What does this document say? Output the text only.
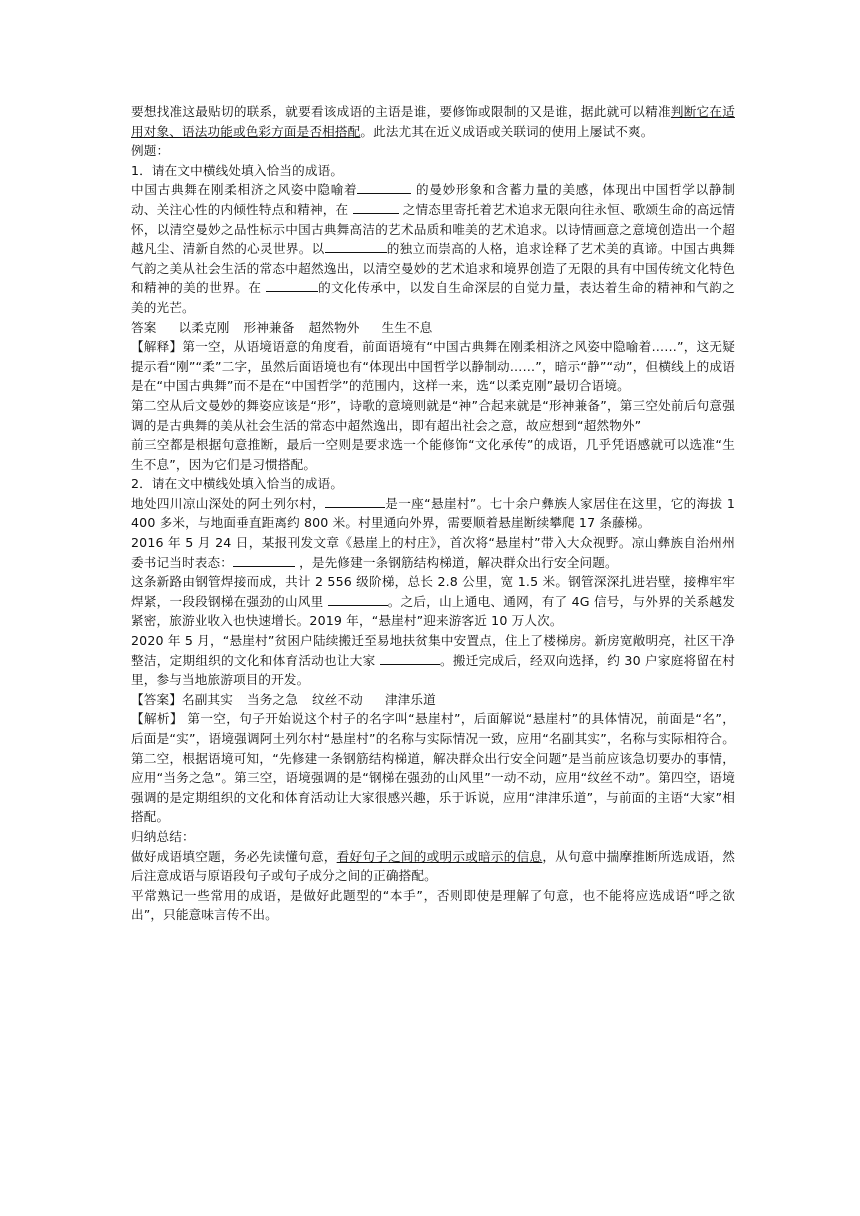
要想找准这最贴切的联系，就要看该成语的主语是谁，要修饰或限制的又是谁，据此就可以精准判断它在适用对象、语法功能或色彩方面是否相搭配。此法尤其在近义成语或关联词的使用上屡试不爽。

例题：

1．请在文中横线处填入恰当的成语。

中国古典舞在刚柔相济之风姿中隐喻着	的曼妙形象和含蓄力量的美感，体现出中国哲学以静制动、关注心性的内倾性特点和精神，在	之情态里寄托着艺术追求无限向往永恒、歌颂生命的高远情怀，以清空曼妙之品性标示中国古典舞高洁的艺术品质和唯美的艺术追求。以诗情画意之意境创造出一个超越凡尘、清新自然的心灵世界。以	的独立而崇高的人格，追求诠释了艺术美的真谛。中国古典舞气韵之美从社会生活的常态中超然逸出，以清空曼妙的艺术追求和境界创造了无限的具有中国传统文化特色和精神的美的世界。在	的文化传承中，以发自生命深层的自觉力量，表达着生命的精神和气韵之美的光芒。

答案 以柔克刚 形神兼备 超然物外 生生不息

【解释】第一空，从语境语意的角度看，前面语境有“中国古典舞在刚柔相济之风姿中隐喻着……”，这无疑提示看“刚”“柔”二字，虽然后面语境也有“体现出中国哲学以静制动……”，暗示“静”“动”，但横线上的成语是在“中国古典舞”而不是在“中国哲学”的范围内，这样一来，选“以柔克刚”最切合语境。

第二空从后文曼妙的舞姿应该是“形”，诗歌的意境则就是“神”合起来就是“形神兼备”，第三空处前后句意强调的是古典舞的美从社会生活的常态中超然逸出，即有超出社会之意，故应想到“超然物外”

前三空都是根据句意推断，最后一空则是要求选一个能修饰“文化承传”的成语，几乎凭语感就可以选准“生生不息”，因为它们是习惯搭配。

2．请在文中横线处填入恰当的成语。

地处四川凉山深处的阿土列尔村，	是一座“悬崖村”。七十余户彝族人家居住在这里，它的海拔 1 400 多米，与地面垂直距离约 800 米。村里通向外界，需要顺着悬崖断续攀爬 17 条藤梯。

2016 年 5 月 24 日，某报刊发文章《悬崖上的村庄》，首次将“悬崖村”带入大众视野。凉山彝族自治州州委书记当时表态：	，是先修建一条钢筋结构梯道，解决群众出行安全问题。

这条新路由钢管焊接而成，共计 2 556 级阶梯，总长 2.8 公里，宽 1.5 米。钢管深深扎进岩壁，接榫牢牢焊紧，一段段钢梯在强劲的山风里	。之后，山上通电、通网，有了 4G 信号，与外界的关系越发紧密，旅游业收入也快速增长。2019 年，“悬崖村”迎来游客近 10 万人次。

2020 年 5 月，“悬崖村”贫困户陆续搬迁至易地扶贫集中安置点，住上了楼梯房。新房宽敞明亮，社区干净整洁，定期组织的文化和体育活动也让大家	。搬迁完成后，经双向选择，约 30 户家庭将留在村里，参与当地旅游项目的开发。

【答案】名副其实 当务之急 纹丝不动 津津乐道

【解析】 第一空，句子开始说这个村子的名字叫“悬崖村”，后面解说“悬崖村”的具体情况，前面是“名”，后面是“实”，语境强调阿土列尔村“悬崖村”的名称与实际情况一致，应用“名副其实”，名称与实际相符合。第二空，根据语境可知，“先修建一条钢筋结构梯道，解决群众出行安全问题”是当前应该急切要办的事情，应用“当务之急”。第三空，语境强调的是“钢梯在强劲的山风里”一动不动，应用“纹丝不动”。第四空，语境强调的是定期组织的文化和体育活动让大家很感兴趣，乐于诉说，应用“津津乐道”，与前面的主语“大家”相搭配。

归纳总结：

做好成语填空题，务必先读懂句意，看好句子之间的或明示或暗示的信息，从句意中揣摩推断所选成语，然后注意成语与原语段句子或句子成分之间的正确搭配。

平常熟记一些常用的成语，是做好此题型的“本手”，否则即使是理解了句意，也不能将应选成语“呼之欲出”，只能意味言传不出。
